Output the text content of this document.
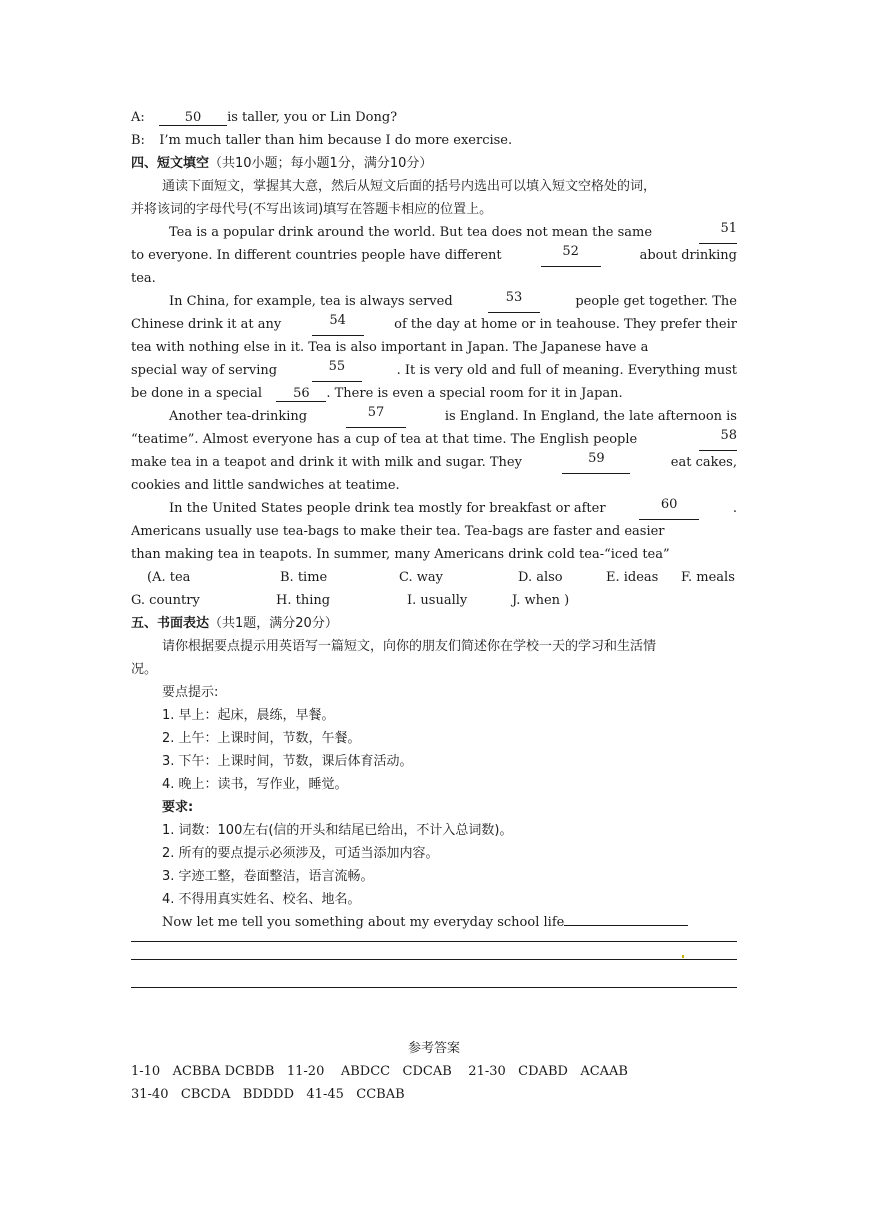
A:	50 is taller, you or Lin Dong?
B: I’m much taller than him because I do more exercise.
四、短文填空（共10小题；每小题1分，满分10分）
通读下面短文，掌握其大意，然后从短文后面的括号内选出可以填入短文空格处的词，
并将该词的字母代号(不写出该词)填写在答题卡相应的位置上。
Tea is a popular drink around the world. But tea does not mean the same	51
to everyone. In different countries people have different	52	about drinking
tea.
In China, for example, tea is always served	53	people get together. The
Chinese drink it at any	54	of the day at home or in teahouse. They prefer their
tea with nothing else in it. Tea is also important in Japan. The Japanese have a
special way of serving	55	. It is very old and full of meaning. Everything must
be done in a special 56 . There is even a special room for it in Japan.
Another tea-drinking	57	is England. In England, the late afternoon is
“teatime”. Almost everyone has a cup of tea at that time. The English people	58
make tea in a teapot and drink it with milk and sugar. They	59	eat cakes,
cookies and little sandwiches at teatime.
In the United States people drink tea mostly for breakfast or after	60	.
Americans usually use tea-bags to make their tea. Tea-bags are faster and easier
than making tea in teapots. In summer, many Americans drink cold tea-“iced tea”
(A. tea	B. time	C. way	D. also	E. ideas	F. meals
G. country	H. thing	I. usually	J. when )
五、书面表达（共1题，满分20分）
请你根据要点提示用英语写一篇短文，向你的朋友们简述你在学校一天的学习和生活情
况。
要点提示:
1. 早上：起床，晨练，早餐。
2. 上午：上课时间，节数，午餐。
3. 下午：上课时间，节数，课后体育活动。
4. 晚上：读书，写作业，睡觉。
要求:
1. 词数：100左右(信的开头和结尾已给出，不计入总词数)。
2. 所有的要点提示必须涉及，可适当添加内容。
3. 字迹工整，卷面整洁，语言流畅。
4. 不得用真实姓名、校名、地名。
Now let me tell you something about my everyday school life
参考答案
1-10   ACBBA DCBDB   11-20    ABDCC   CDCAB    21-30   CDABD   ACAAB
31-40   CBCDA   BDDDD   41-45   CCBAB
